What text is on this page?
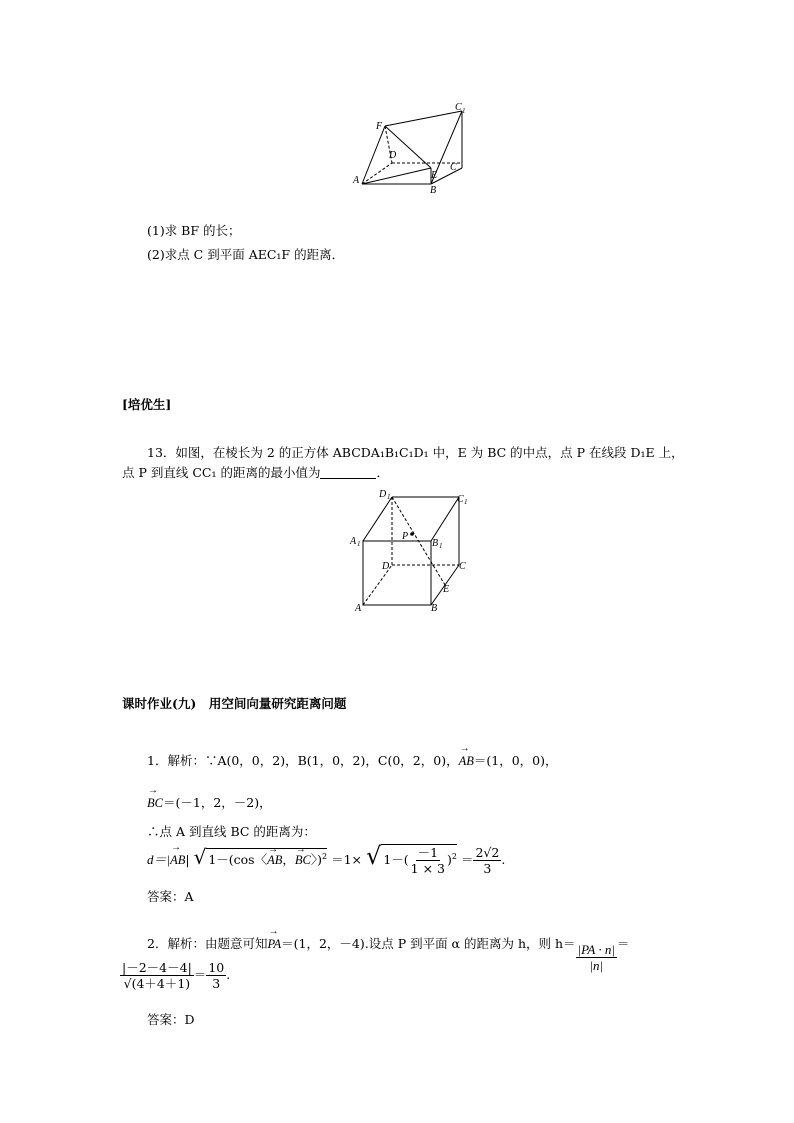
F
C 1
D
E
C
A
B
(1)求 BF 的长；
(2)求点 C 到平面 AEC₁F 的距离．
[培优生]
13．如图，在棱长为 2 的正方体 ABCDA₁B₁C₁D₁ 中，E 为 BC 的中点，点 P 在线段 D₁E 上，
点 P 到直线 CC₁ 的距离的最小值为	．
D 1	C 1
A 1
P
B 1
D	C
E
A	B
课时作业(九)　用空间向量研究距离问题
1．解析：∵A(0，0，2)，B(1，0，2)，C(0，2，0)，→ AB＝(1，0，0)，
→ BC＝(－1，2，－2)，
∴点 A 到直线 BC 的距离为：
d＝|→ AB| √ 1－(cos〈→ AB，→ BC〉)$^2$ ＝1× √ $1-( \frac{-1}{1 \times 3} )^2 = \frac{2√2}{3}$ .
答案：A
2．解析：由题意可知→ PA＝(1，2，－4).设点 P 到平面 α 的距离为 h，则 $h= \frac{|PA \cdot n|}{|n|}$ ＝
$\frac{|-2-4-4|}{√(4+4+1)} = \frac{10}{3}$ .
答案：D
